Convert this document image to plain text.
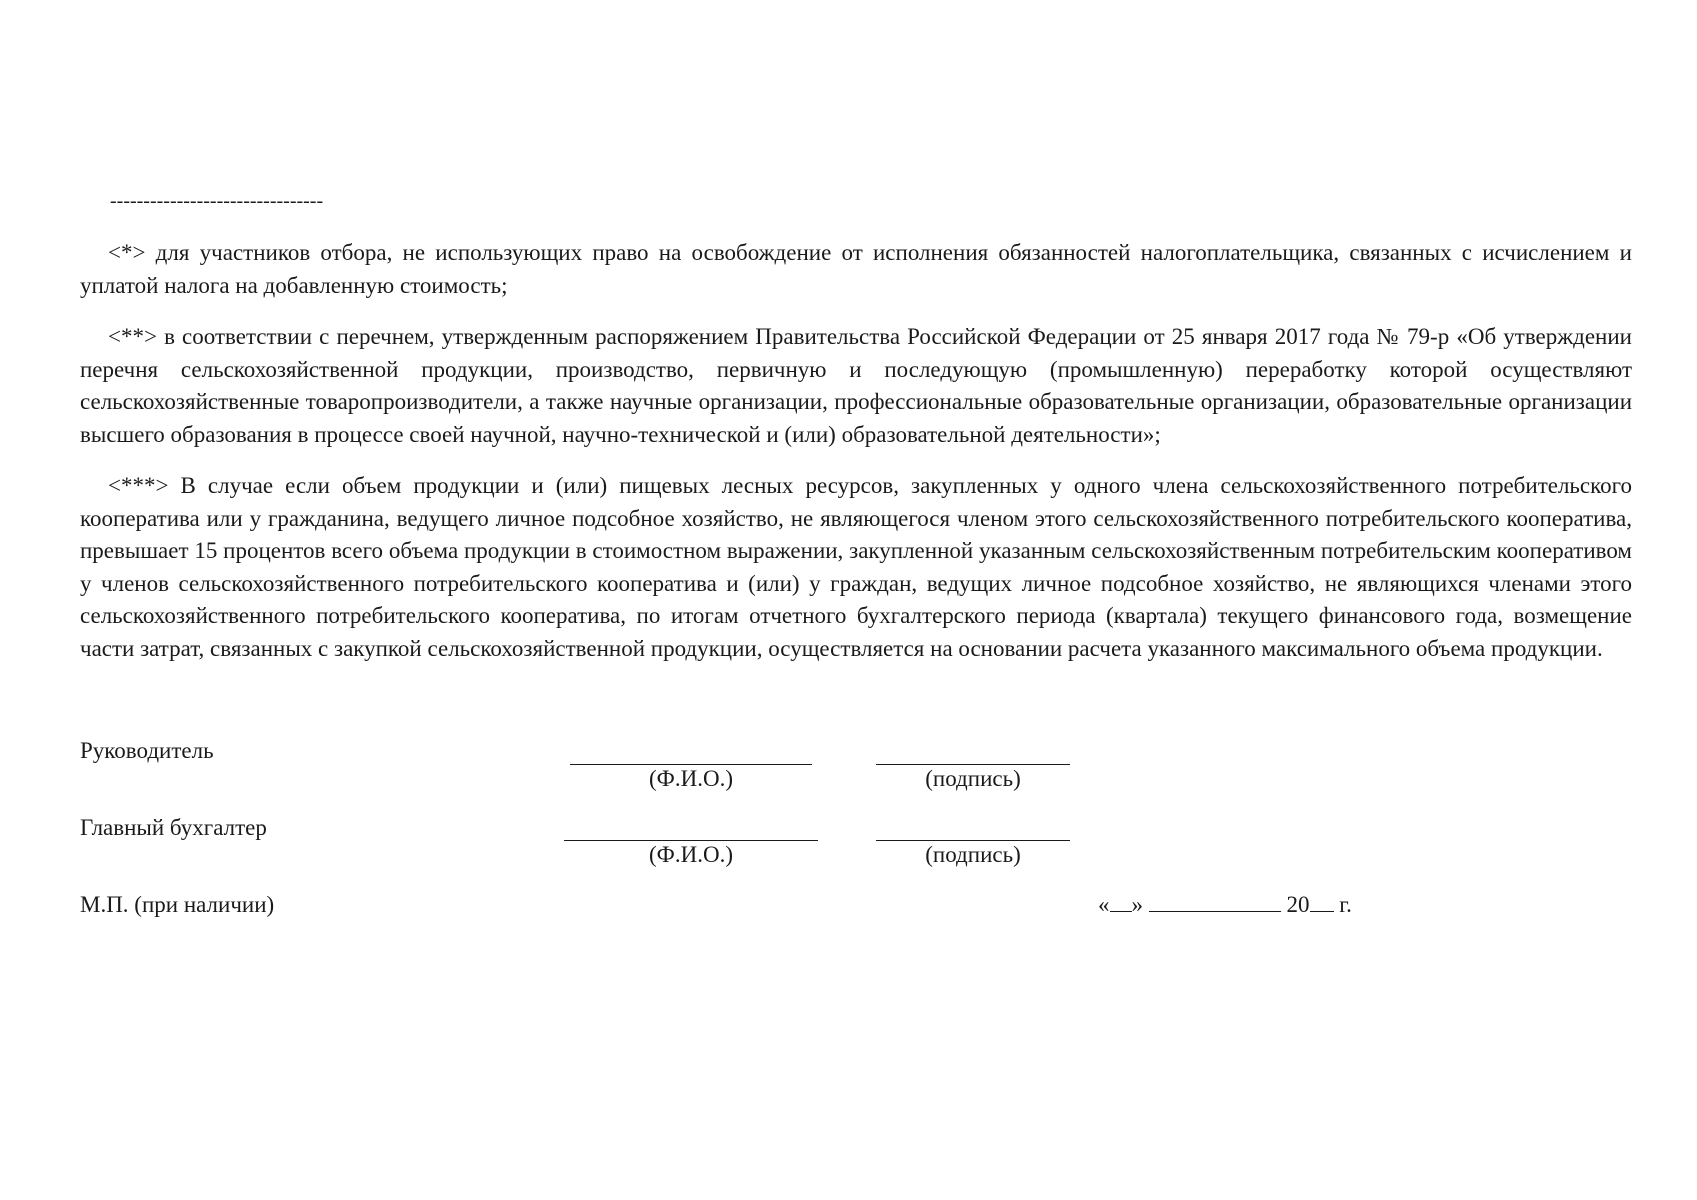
--------------------------------

<*> для участников отбора, не использующих право на освобождение от исполнения обязанностей налогоплательщика, связанных с исчислением и уплатой налога на добавленную стоимость;

<**> в соответствии с перечнем, утвержденным распоряжением Правительства Российской Федерации от 25 января 2017 года № 79-р «Об утверждении перечня сельскохозяйственной продукции, производство, первичную и последующую (промышленную) переработку которой осуществляют сельскохозяйственные товаропроизводители, а также научные организации, профессиональные образовательные организации, образовательные организации высшего образования в процессе своей научной, научно-технической и (или) образовательной деятельности»;

<***> В случае если объем продукции и (или) пищевых лесных ресурсов, закупленных у одного члена сельскохозяйственного потребительского кооператива или у гражданина, ведущего личное подсобное хозяйство, не являющегося членом этого сельскохозяйственного потребительского кооператива, превышает 15 процентов всего объема продукции в стоимостном выражении, закупленной указанным сельскохозяйственным потребительским кооперативом у членов сельскохозяйственного потребительского кооператива и (или) у граждан, ведущих личное подсобное хозяйство, не являющихся членами этого сельскохозяйственного потребительского кооператива, по итогам отчетного бухгалтерского периода (квартала) текущего финансового года, возмещение части затрат, связанных с закупкой сельскохозяйственной продукции, осуществляется на основании расчета указанного максимального объема продукции.

Руководитель
(Ф.И.О.)	(подпись)
Главный бухгалтер
(Ф.И.О.)	(подпись)
М.П. (при наличии)	« »	20 г.
